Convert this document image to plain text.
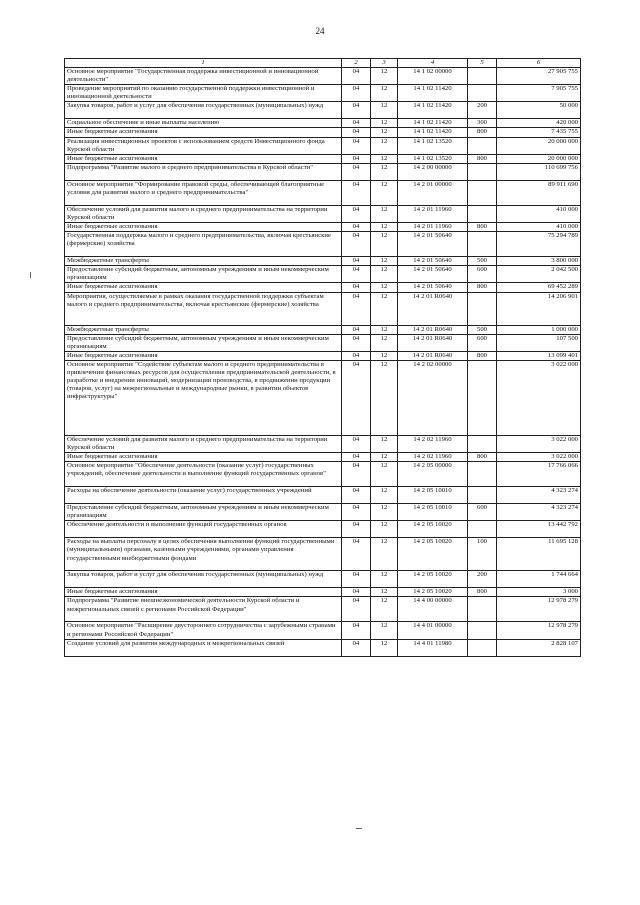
24
1	2	3	4	5	6
Основное мероприятие "Государственная поддержка инвестиционной и инновационной деятельности"	04	12	14 1 02 00000		27 905 755
Проведение мероприятий по оказанию государственной поддержки инвестиционной и инновационной деятельности	04	12	14 1 02 11420		7 905 755
Закупка товаров, работ и услуг для обеспечения государственных (муниципальных) нужд	04	12	14 1 02 11420	200	50 000
Социальное обеспечение и иные выплаты населению	04	12	14 1 02 11420	300	420 000
Иные бюджетные ассигнования	04	12	14 1 02 11420	800	7 435 755
Реализация инвестиционных проектов с использованием средств Инвестиционного фонда Курской области	04	12	14 1 02 13520		20 000 000
Иные бюджетные ассигнования	04	12	14 1 02 13520	800	20 000 000
Подпрограмма "Развитие малого и среднего предпринимательства в Курской области"	04	12	14 2 00 00000		110 699 756
Основное мероприятие "Формирование правовой среды, обеспечивающей благоприятные условия для развития малого и среднего предпринимательства"	04	12	14 2 01 00000		89 911 690
Обеспечение условий для развития малого и среднего предпринимательства на территории Курской области	04	12	14 2 01 11960		410 000
Иные бюджетные ассигнования	04	12	14 2 01 11960	800	410 000
Государственная поддержка малого и среднего предпринимательства, включая крестьянские (фермерские) хозяйства	04	12	14 2 01 50640		75 294 789
Межбюджетные трансферты	04	12	14 2 01 50640	500	3 800 000
Предоставление субсидий бюджетным, автономным учреждениям и иным некоммерческим организациям	04	12	14 2 01 50640	600	2 042 500
Иные бюджетные ассигнования	04	12	14 2 01 50640	800	69 452 289
Мероприятия, осуществляемые в рамках оказания государственной поддержки субъектам малого и среднего предпринимательства, включая крестьянские (фермерские) хозяйства	04	12	14 2 01 R0640		14 206 901
Межбюджетные трансферты	04	12	14 2 01 R0640	500	1 000 000
Предоставление субсидий бюджетным, автономным учреждениям и иным некоммерческим организациям	04	12	14 2 01 R0640	600	107 500
Иные бюджетные ассигнования	04	12	14 2 01 R0640	800	13 099 401
Основное мероприятие "Содействие субъектам малого и среднего предпринимательства в привлечении финансовых ресурсов для осуществления предпринимательской деятельности, в разработке и внедрении инноваций, модернизации производства, в продвижении продукции (товаров, услуг) на межрегиональные и международные рынки, в развитии объектов инфраструктуры"	04	12	14 2 02 00000		3 022 000
Обеспечение условий для развития малого и среднего предпринимательства на территории Курской области	04	12	14 2 02 11960		3 022 000
Иные бюджетные ассигнования	04	12	14 2 02 11960	800	3 022 000
Основное мероприятие "Обеспечение деятельности (оказание услуг) государственных учреждений, обеспечение деятельности и выполнение функций государственных органов"	04	12	14 2 05 00000		17 766 066
Расходы на обеспечение деятельности (оказание услуг) государственных учреждений	04	12	14 2 05 10010		4 323 274
Предоставление субсидий бюджетным, автономным учреждениям и иным некоммерческим организациям	04	12	14 2 05 10010	600	4 323 274
Обеспечение деятельности и выполнение функций государственных органов	04	12	14 2 05 10020		13 442 792
Расходы на выплаты персоналу в целях обеспечения выполнения функций государственными (муниципальными) органами, казенными учреждениями, органами управления государственными внебюджетными фондами	04	12	14 2 05 10020	100	11 695 128
Закупка товаров, работ и услуг для обеспечения государственных (муниципальных) нужд	04	12	14 2 05 10020	200	1 744 664
Иные бюджетные ассигнования	04	12	14 2 05 10020	800	3 000
Подпрограмма "Развитие внешнеэкономической деятельности Курской области и межрегиональных связей с регионами Российской Федерации"	04	12	14 4 00 00000		12 978 279
Основное мероприятие "Расширение двустороннего сотрудничества с зарубежными странами и регионами Российской Федерации"	04	12	14 4 01 00000		12 978 279
Создание условий для развития международных и межрегиональных связей	04	12	14 4 01 11980		2 828 107
